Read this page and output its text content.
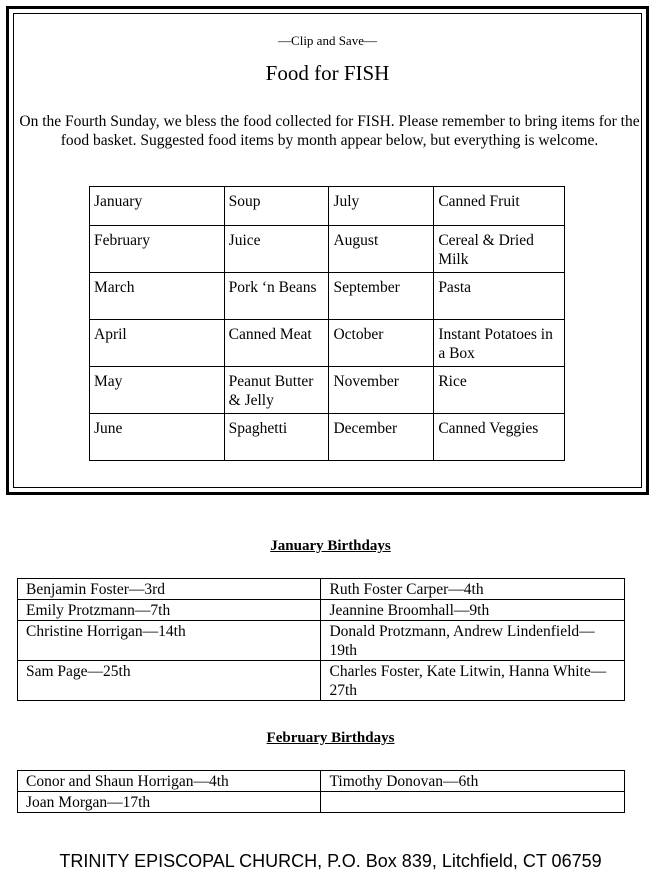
—Clip and Save—
Food for FISH
On the Fourth Sunday, we bless the food collected for FISH. Please remember to bring items for the food basket. Suggested food items by month appear below, but everything is welcome.
January	Soup	July	Canned Fruit
February	Juice	August	Cereal & Dried Milk
March	Pork ‘n Beans	September	Pasta
April	Canned Meat	October	Instant Potatoes in a Box
May	Peanut Butter & Jelly	November	Rice
June	Spaghetti	December	Canned Veggies
January Birthdays
Benjamin Foster—3rd	Ruth Foster Carper—4th
Emily Protzmann—7th	Jeannine Broomhall—9th
Christine Horrigan—14th	Donald Protzmann, Andrew Lindenfield—19th
Sam Page—25th	Charles Foster, Kate Litwin, Hanna White—27th
February Birthdays
Conor and Shaun Horrigan—4th	Timothy Donovan—6th
Joan Morgan—17th	
TRINITY EPISCOPAL CHURCH, P.O. Box 839, Litchfield, CT 06759
